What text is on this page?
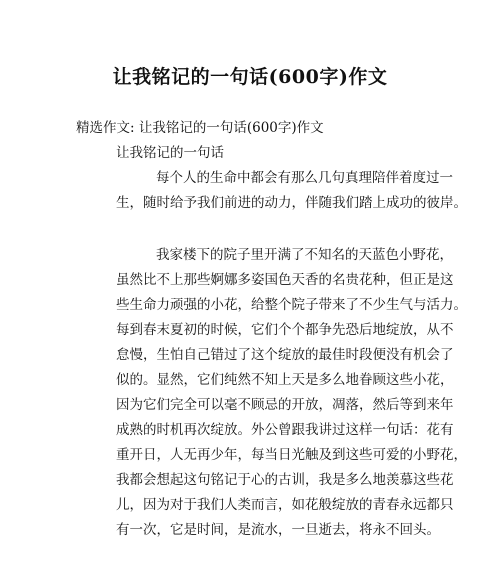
让我铭记的一句话(600字)作文
精选作文: 让我铭记的一句话(600字)作文
让我铭记的一句话
每个人的生命中都会有那么几句真理陪伴着度过一
生，随时给予我们前进的动力，伴随我们踏上成功的彼岸。
我家楼下的院子里开满了不知名的天蓝色小野花，
虽然比不上那些婀娜多姿国色天香的名贵花种，但正是这
些生命力顽强的小花，给整个院子带来了不少生气与活力。
每到春末夏初的时候，它们个个都争先恐后地绽放，从不
怠慢，生怕自己错过了这个绽放的最佳时段便没有机会了
似的。显然，它们纯然不知上天是多么地眷顾这些小花，
因为它们完全可以毫不顾忌的开放，凋落，然后等到来年
成熟的时机再次绽放。外公曾跟我讲过这样一句话：花有
重开日，人无再少年，每当日光触及到这些可爱的小野花，
我都会想起这句铭记于心的古训，我是多么地羡慕这些花
儿，因为对于我们人类而言，如花般绽放的青春永远都只
有一次，它是时间，是流水，一旦逝去，将永不回头。
